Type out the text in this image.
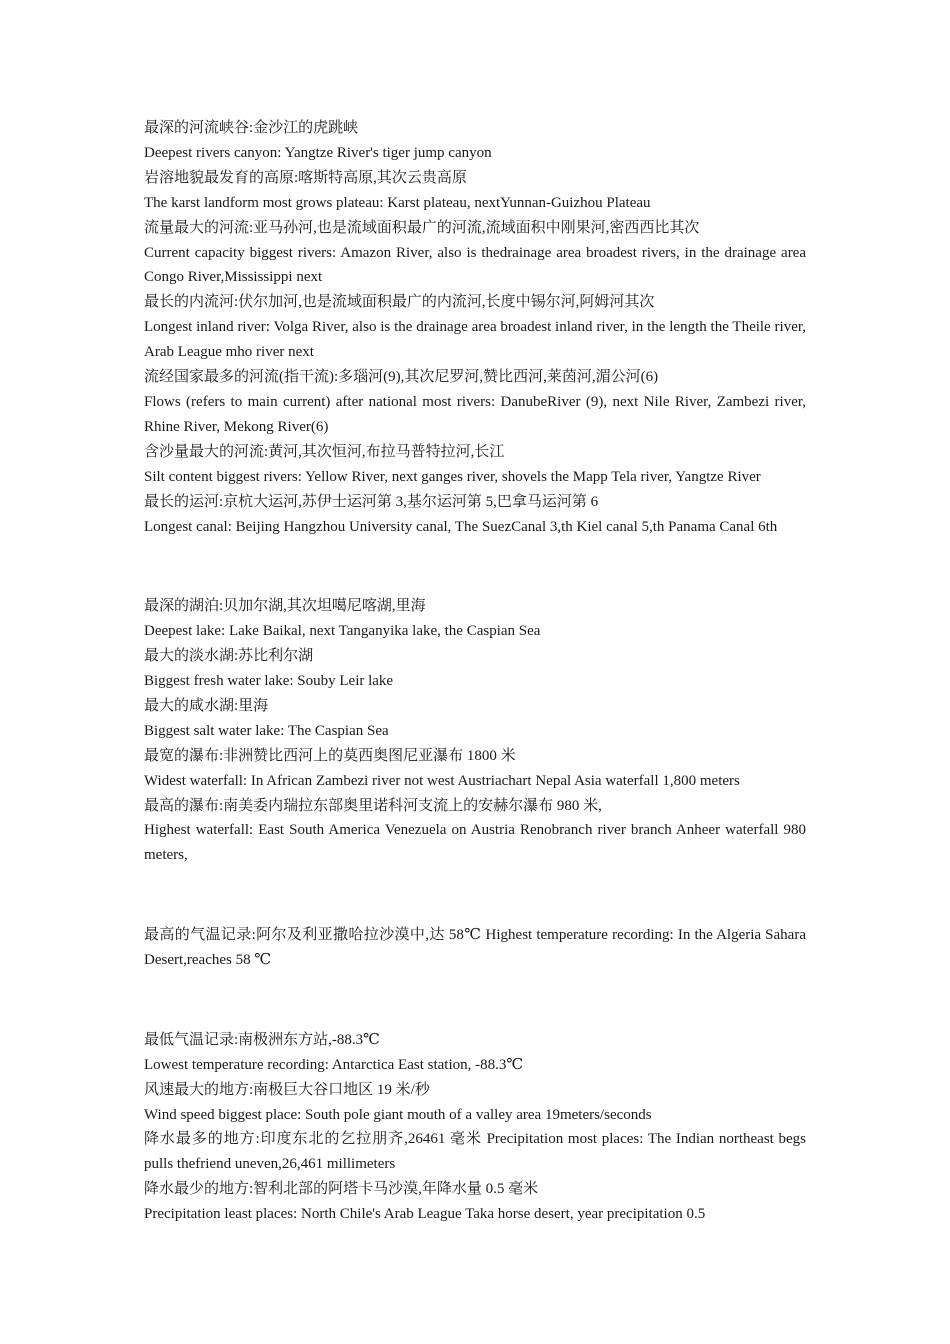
最深的河流峡谷:金沙江的虎跳峡

Deepest rivers canyon: Yangtze River's tiger jump canyon

岩溶地貌最发育的高原:喀斯特高原,其次云贵高原

The karst landform most grows plateau: Karst plateau, nextYunnan-Guizhou Plateau

流量最大的河流:亚马孙河,也是流域面积最广的河流,流域面积中刚果河,密西西比其次

Current capacity biggest rivers: Amazon River, also is thedrainage area broadest rivers, in the drainage area Congo River,Mississippi next

最长的内流河:伏尔加河,也是流域面积最广的内流河,长度中锡尔河,阿姆河其次

Longest inland river: Volga River, also is the drainage area broadest inland river, in the length the Theile river, Arab League mho river next

流经国家最多的河流(指干流):多瑙河(9),其次尼罗河,赞比西河,莱茵河,湄公河(6)

Flows (refers to main current) after national most rivers: DanubeRiver (9), next Nile River, Zambezi river, Rhine River, Mekong River(6)

含沙量最大的河流:黄河,其次恒河,布拉马普特拉河,长江

Silt content biggest rivers: Yellow River, next ganges river, shovels the Mapp Tela river, Yangtze River

最长的运河:京杭大运河,苏伊士运河第 3,基尔运河第 5,巴拿马运河第 6

Longest canal: Beijing Hangzhou University canal, The SuezCanal 3,th Kiel canal 5,th Panama Canal 6th

最深的湖泊:贝加尔湖,其次坦噶尼喀湖,里海

Deepest lake: Lake Baikal, next Tanganyika lake, the Caspian Sea

最大的淡水湖:苏比利尔湖

Biggest fresh water lake: Souby Leir lake

最大的咸水湖:里海

Biggest salt water lake: The Caspian Sea

最宽的瀑布:非洲赞比西河上的莫西奥图尼亚瀑布 1800 米

Widest waterfall: In African Zambezi river not west Austriachart Nepal Asia waterfall 1,800 meters

最高的瀑布:南美委内瑞拉东部奥里诺科河支流上的安赫尔瀑布 980 米,

Highest waterfall: East South America Venezuela on Austria Renobranch river branch Anheer waterfall 980 meters,

最高的气温记录:阿尔及利亚撒哈拉沙漠中,达 58℃ Highest temperature recording: In the Algeria Sahara Desert,reaches 58 ℃

最低气温记录:南极洲东方站,-88.3℃

Lowest temperature recording: Antarctica East station, -88.3℃

风速最大的地方:南极巨大谷口地区 19 米/秒

Wind speed biggest place: South pole giant mouth of a valley area 19meters/seconds

降水最多的地方:印度东北的乞拉朋齐,26461 毫米 Precipitation most places: The Indian northeast begs pulls thefriend uneven,26,461 millimeters

降水最少的地方:智利北部的阿塔卡马沙漠,年降水量 0.5 毫米

Precipitation least places: North Chile's Arab League Taka horse desert, year precipitation 0.5
